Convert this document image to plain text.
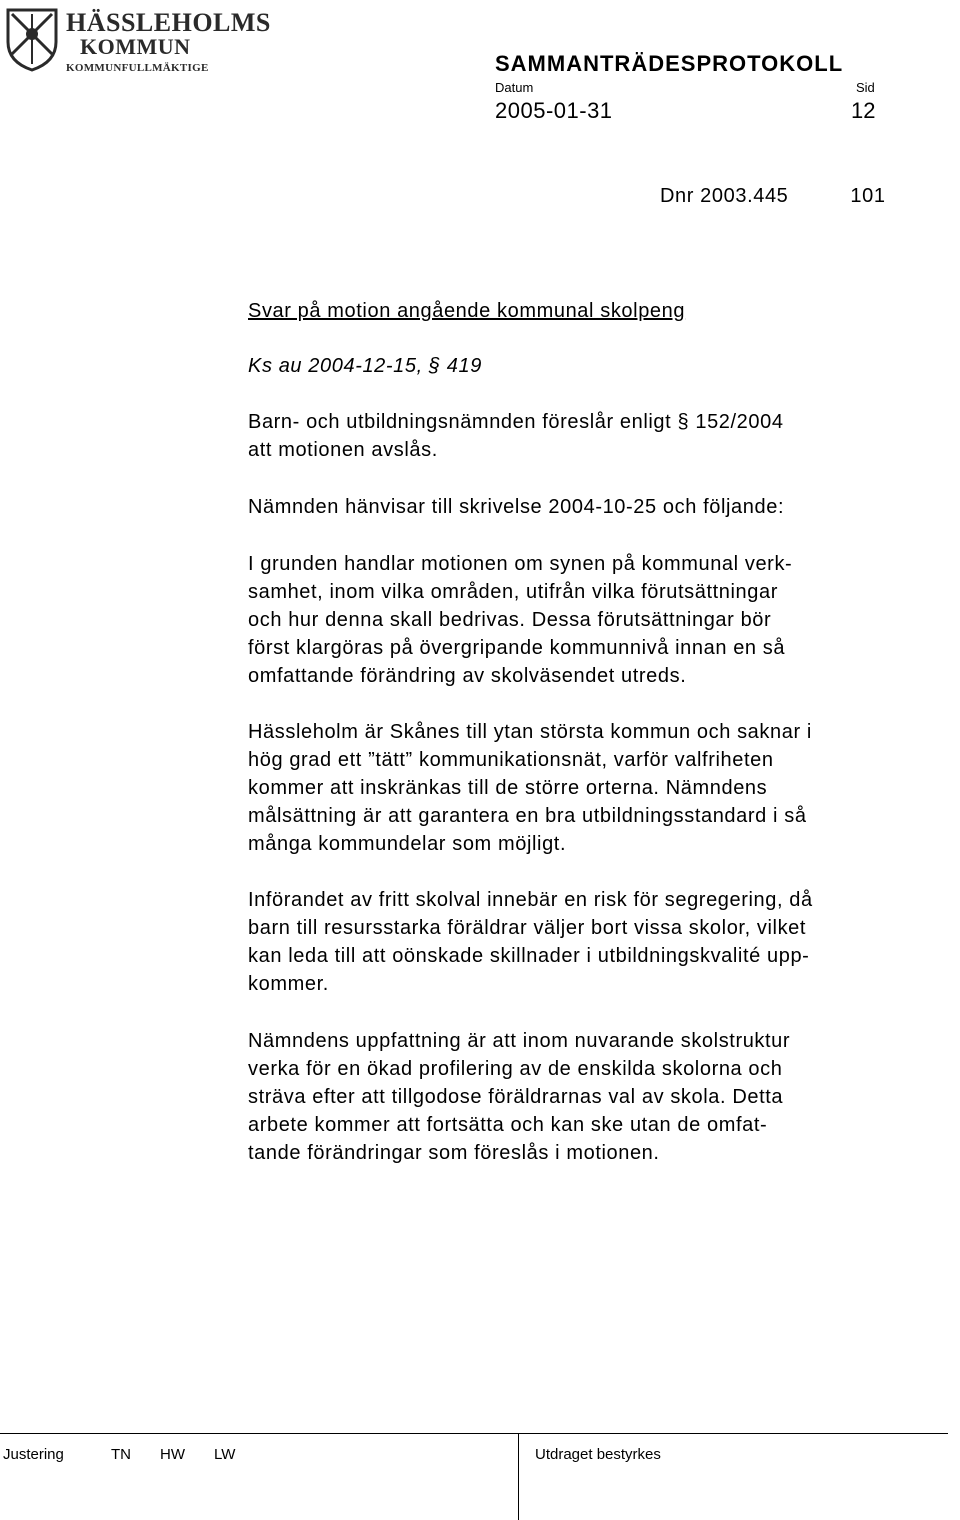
HÄSSLEHOLMS
KOMMUN
KOMMUNFULLMÄKTIGE	SAMMANTRÄDESPROTOKOLL
Datum	Sid
2005-01-31	12
Dnr 2003.445	101
Svar på motion angående kommunal skolpeng
Ks au 2004-12-15, § 419
Barn- och utbildningsnämnden föreslår enligt § 152/2004
att motionen avslås.
Nämnden hänvisar till skrivelse 2004-10-25 och följande:
I grunden handlar motionen om synen på kommunal verk-
samhet, inom vilka områden, utifrån vilka förutsättningar
och hur denna skall bedrivas. Dessa förutsättningar bör
först klargöras på övergripande kommunnivå innan en så
omfattande förändring av skolväsendet utreds.
Hässleholm är Skånes till ytan största kommun och saknar i
hög grad ett ”tätt” kommunikationsnät, varför valfriheten
kommer att inskränkas till de större orterna. Nämndens
målsättning är att garantera en bra utbildningsstandard i så
många kommundelar som möjligt.
Införandet av fritt skolval innebär en risk för segregering, då
barn till resursstarka föräldrar väljer bort vissa skolor, vilket
kan leda till att oönskade skillnader i utbildningskvalité upp-
kommer.
Nämndens uppfattning är att inom nuvarande skolstruktur
verka för en ökad profilering av de enskilda skolorna och
sträva efter att tillgodose föräldrarnas val av skola. Detta
arbete kommer att fortsätta och kan ske utan de omfat-
tande förändringar som föreslås i motionen.
Justering	TN HW LW	Utdraget bestyrkes
